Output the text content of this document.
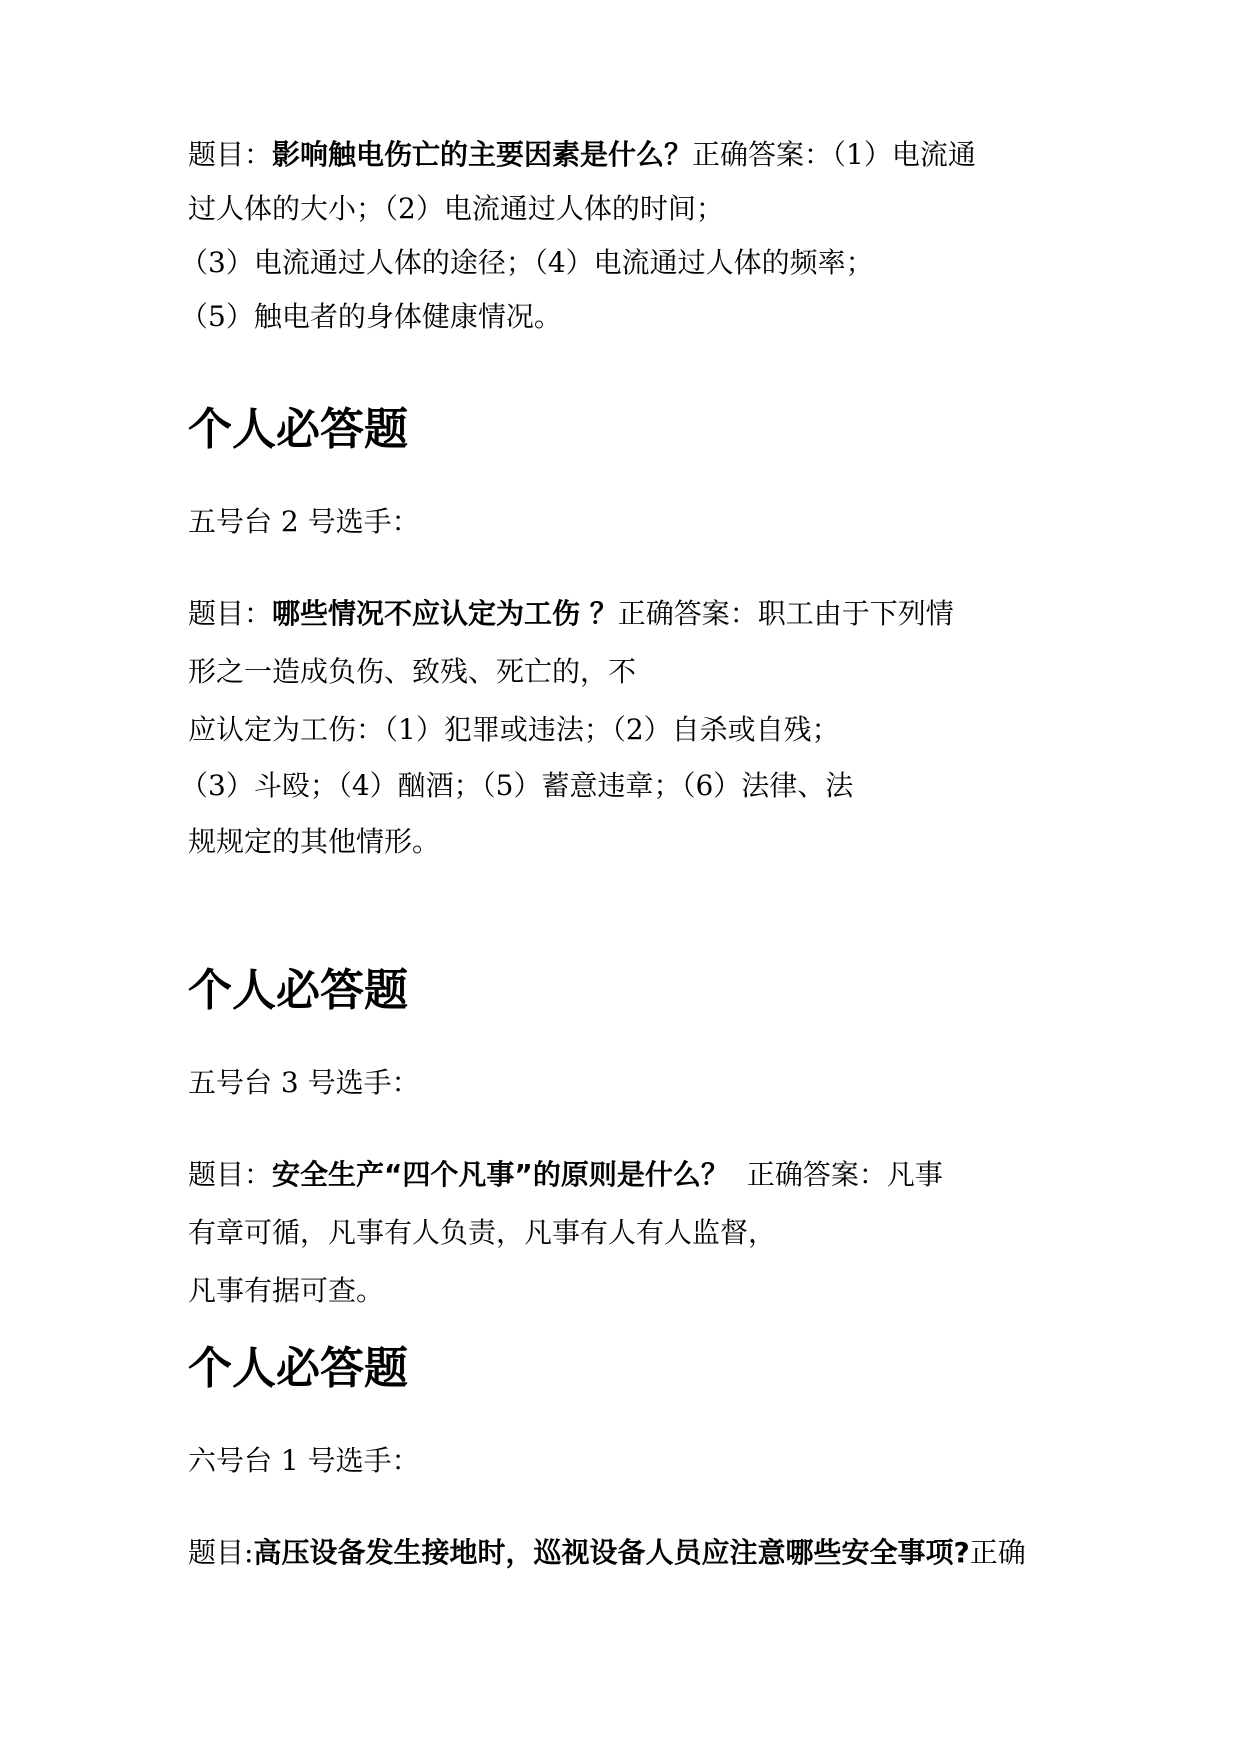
题目：影响触电伤亡的主要因素是什么？正确答案：（1）电流通
过人体的大小；（2）电流通过人体的时间；
（3）电流通过人体的途径；（4）电流通过人体的频率；
（5）触电者的身体健康情况。
个人必答题
五号台 2 号选手：
题目：哪些情况不应认定为工伤 ？正确答案：职工由于下列情
形之一造成负伤、致残、死亡的，不
应认定为工伤：（1）犯罪或违法；（2）自杀或自残；
（3）斗殴；（4）酗酒；（5）蓄意违章；（6）法律、法
规规定的其他情形。
个人必答题
五号台 3 号选手：
题目：安全生产“四个凡事”的原则是什么？ 正确答案：凡事
有章可循，凡事有人负责，凡事有人有人监督，
凡事有据可查。
个人必答题
六号台 1 号选手：
题目:高压设备发生接地时，巡视设备人员应注意哪些安全事项?正确
